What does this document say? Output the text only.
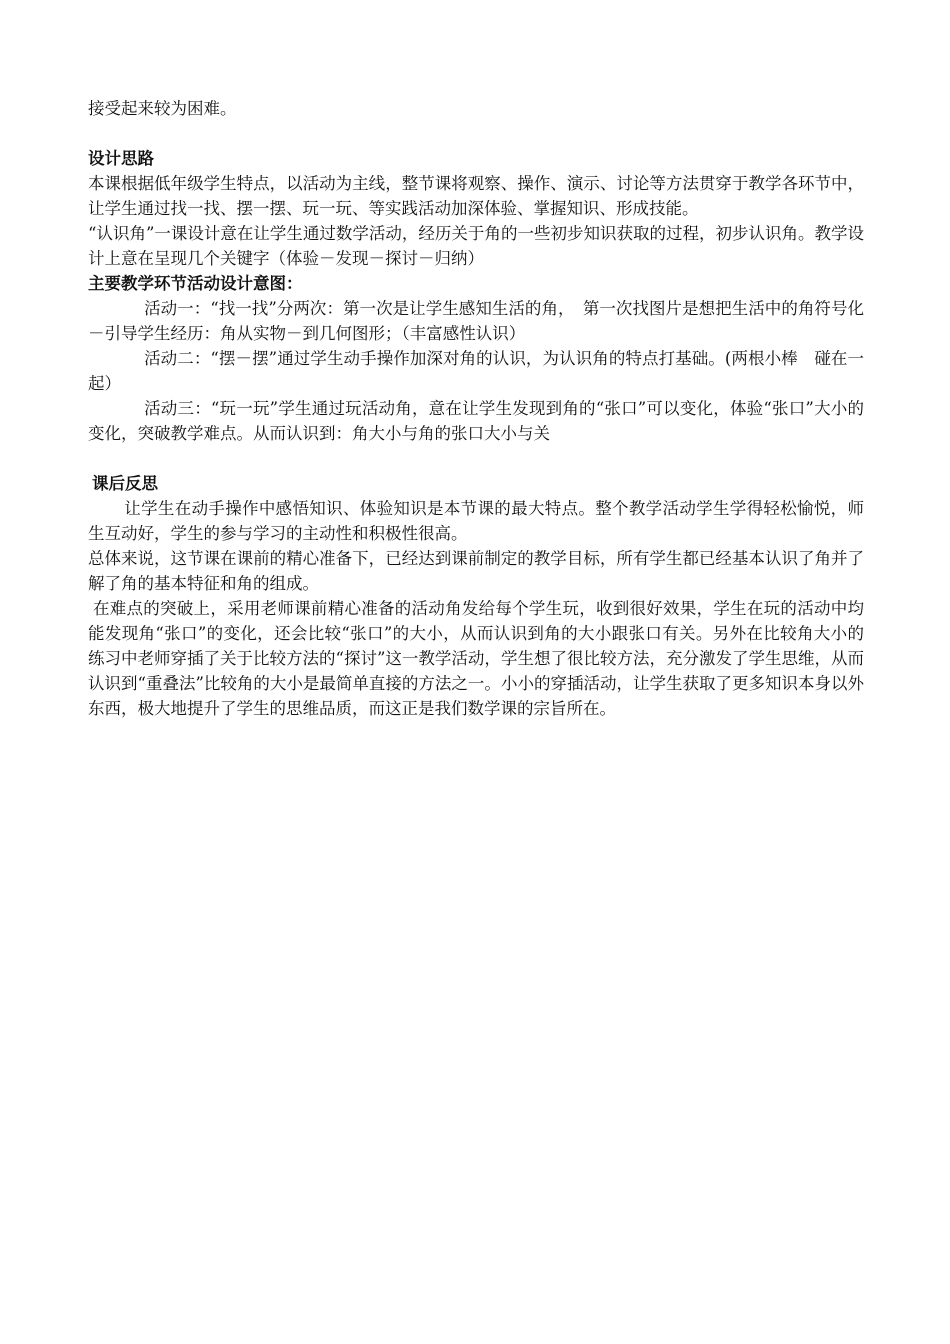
接受起来较为困难。

设计思路

本课根据低年级学生特点，以活动为主线，整节课将观察、操作、演示、讨论等方法贯穿于教学各环节中，让学生通过找一找、摆一摆、玩一玩、等实践活动加深体验、掌握知识、形成技能。

“认识角”一课设计意在让学生通过数学活动，经历关于角的一些初步知识获取的过程，初步认识角。教学设计上意在呈现几个关键字（体验－发现－探讨－归纳）

主要教学环节活动设计意图：

活动一：“找一找”分两次：第一次是让学生感知生活的角，　第一次找图片是想把生活中的角符号化－引导学生经历：角从实物－到几何图形；（丰富感性认识）

活动二：“摆－摆”通过学生动手操作加深对角的认识，为认识角的特点打基础。(两根小棒　碰在一起）

活动三：“玩一玩”学生通过玩活动角，意在让学生发现到角的“张口”可以变化，体验“张口”大小的变化，突破教学难点。从而认识到：角大小与角的张口大小与关

课后反思

让学生在动手操作中感悟知识、体验知识是本节课的最大特点。整个教学活动学生学得轻松愉悦，师生互动好，学生的参与学习的主动性和积极性很高。

总体来说，这节课在课前的精心准备下，已经达到课前制定的教学目标，所有学生都已经基本认识了角并了解了角的基本特征和角的组成。

在难点的突破上，采用老师课前精心准备的活动角发给每个学生玩，收到很好效果，学生在玩的活动中均能发现角“张口”的变化，还会比较“张口”的大小，从而认识到角的大小跟张口有关。另外在比较角大小的练习中老师穿插了关于比较方法的“探讨”这一教学活动，学生想了很比较方法，充分激发了学生思维，从而认识到“重叠法”比较角的大小是最简单直接的方法之一。小小的穿插活动，让学生获取了更多知识本身以外东西，极大地提升了学生的思维品质，而这正是我们数学课的宗旨所在。
